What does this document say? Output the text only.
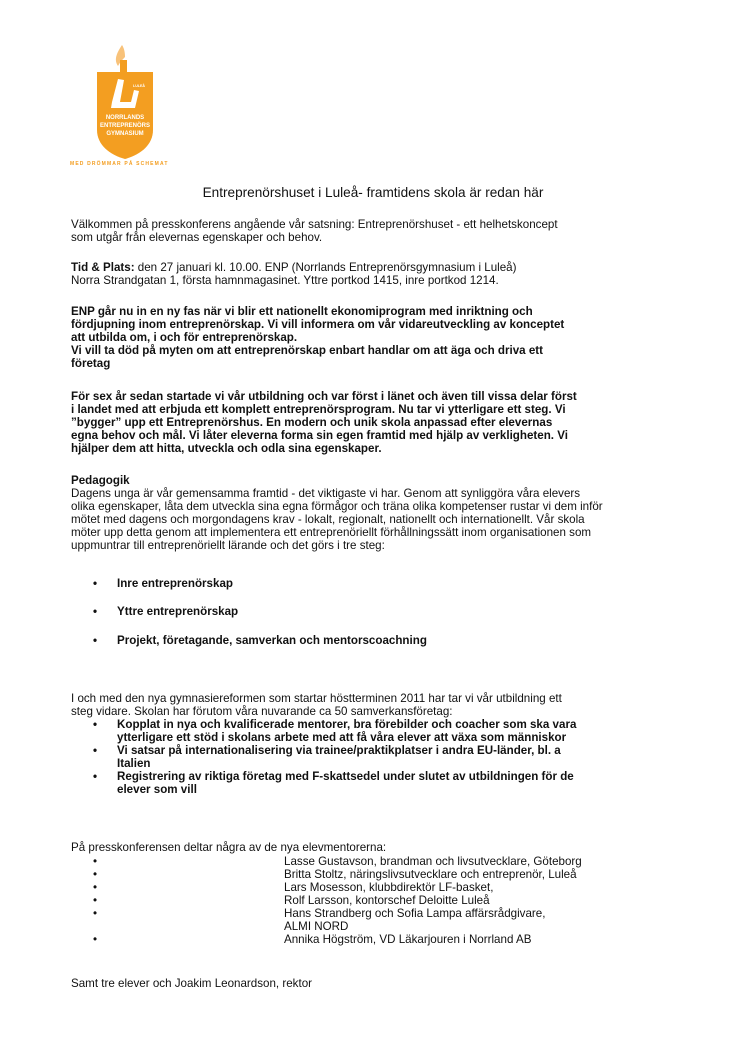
LULEÅ
NORRLANDS
ENTREPRENÖRS
GYMNASIUM
MED DRÖMMAR PÅ SCHEMAT
Entreprenörshuset i Luleå- framtidens skola är redan här
Välkommen på presskonferens angående vår satsning: Entreprenörshuset - ett helhetskoncept
som utgår från elevernas egenskaper och behov.
Tid & Plats: den 27 januari kl. 10.00. ENP (Norrlands Entreprenörsgymnasium i Luleå)
Norra Strandgatan 1, första hamnmagasinet. Yttre portkod 1415, inre portkod 1214.
ENP går nu in en ny fas när vi blir ett nationellt ekonomiprogram med inriktning och
fördjupning inom entreprenörskap. Vi vill informera om vår vidareutveckling av konceptet
att utbilda om, i och för entreprenörskap.
Vi vill ta död på myten om att entreprenörskap enbart handlar om att äga och driva ett
företag
För sex år sedan startade vi vår utbildning och var först i länet och även till vissa delar först
i landet med att erbjuda ett komplett entreprenörsprogram. Nu tar vi ytterligare ett steg. Vi
”bygger” upp ett Entreprenörshus. En modern och unik skola anpassad efter elevernas
egna behov och mål. Vi låter eleverna forma sin egen framtid med hjälp av verkligheten. Vi
hjälper dem att hitta, utveckla och odla sina egenskaper.
Pedagogik
Dagens unga är vår gemensamma framtid - det viktigaste vi har. Genom att synliggöra våra elevers
olika egenskaper, låta dem utveckla sina egna förmågor och träna olika kompetenser rustar vi dem inför
mötet med dagens och morgondagens krav - lokalt, regionalt, nationellt och internationellt. Vår skola
möter upp detta genom att implementera ett entreprenöriellt förhållningssätt inom organisationen som
uppmuntrar till entreprenöriellt lärande och det görs i tre steg:
• Inre entreprenörskap
• Yttre entreprenörskap
• Projekt, företagande, samverkan och mentorscoachning
I och med den nya gymnasiereformen som startar höstterminen 2011 har tar vi vår utbildning ett
steg vidare. Skolan har förutom våra nuvarande ca 50 samverkansföretag:
• Kopplat in nya och kvalificerade mentorer, bra förebilder och coacher som ska vara
ytterligare ett stöd i skolans arbete med att få våra elever att växa som människor
• Vi satsar på internationalisering via trainee/praktikplatser i andra EU-länder, bl. a
Italien
• Registrering av riktiga företag med F-skattsedel under slutet av utbildningen för de
elever som vill
På presskonferensen deltar några av de nya elevmentorerna:
•	Lasse Gustavson, brandman och livsutvecklare, Göteborg
•	Britta Stoltz, näringslivsutvecklare och entreprenör, Luleå
•	Lars Mosesson, klubbdirektör LF-basket,
•	Rolf Larsson, kontorschef Deloitte Luleå
•	Hans Strandberg och Sofia Lampa affärsrådgivare,
ALMI NORD
•	Annika Högström, VD Läkarjouren i Norrland AB
Samt tre elever och Joakim Leonardson, rektor
